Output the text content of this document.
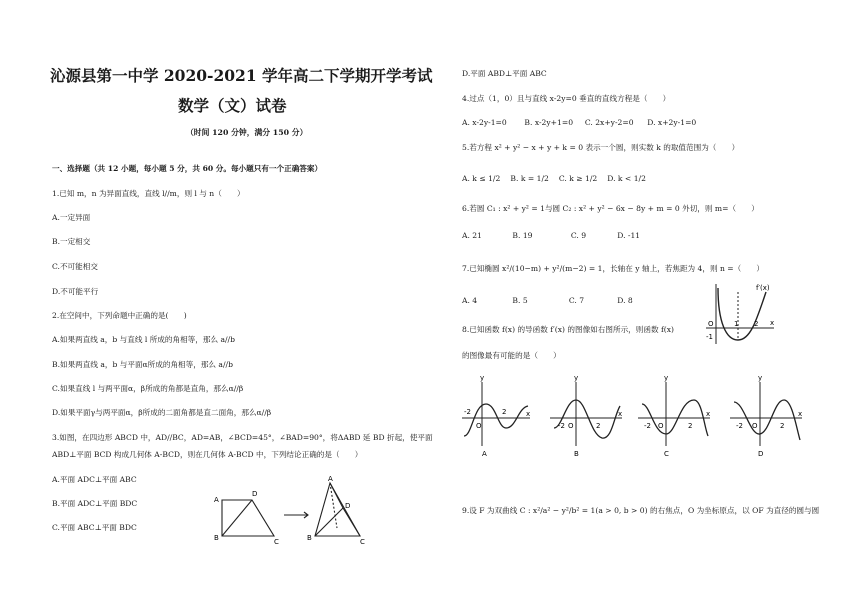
沁源县第一中学 2020-2021 学年高二下学期开学考试
数学（文）试卷
（时间 120 分钟，满分 150 分）
一、选择题（共 12 小题，每小题 5 分，共 60 分。每小题只有一个正确答案）
1.已知 m，n 为异面直线，直线 l//m，则 l 与 n（　　）
A.一定异面
B.一定相交
C.不可能相交
D.不可能平行
2.在空间中，下列命题中正确的是(　　)
A.如果两直线 a，b 与直线 l 所成的角相等，那么 a//b
B.如果两直线 a，b 与平面α所成的角相等，那么 a//b
C.如果直线 l 与两平面α，β所成的角都是直角，那么α//β
D.如果平面γ与两平面α，β所成的二面角都是直二面角，那么α//β
3.如图，在四边形 ABCD 中，AD//BC，AD=AB，∠BCD=45°，∠BAD=90°，将ΔABD 延 BD 折起，使平面
ABD⊥平面 BCD 构成几何体 A-BCD，则在几何体 A-BCD 中，下列结论正确的是（　　）
A.平面 ADC⊥平面 ABC
B.平面 ADC⊥平面 BDC
C.平面 ABC⊥平面 BDC
A
D
B	C
A
D
B	C
D.平面 ABD⊥平面 ABC
4.过点（1，0）且与直线 x-2y=0 垂直的直线方程是（　　）
A. x-2y-1=0 B. x-2y+1=0 C. 2x+y-2=0 D. x+2y-1=0
5.若方程 x² + y² − x + y + k = 0 表示一个圆，则实数 k 的取值范围为（　　）
A. k ≤ 1/2 B. k = 1/2 C. k ≥ 1/2 D. k < 1/2
6.若圆 C₁ : x² + y² = 1与圆 C₂ : x² + y² − 6x − 8y + m = 0 外切，则 m=（　　）
A. 21	B. 19	C. 9	D. -11
7.已知椭圆 x²/(10−m) + y²/(m−2) = 1，长轴在 y 轴上，若焦距为 4，则 n =（　　）
A. 4	B. 5	C. 7	D. 8
8.已知函数 f(x) 的导函数 f′(x) 的图像如右图所示，则函数 f(x)
的图像最有可能的是（　　）
f′(x)
x
O	1 2
-1
y
-2
O
2	x
A
y
-2 O	2
x
B
y
-2 O	2
x
C
y
-2 O	2
x
D
9.设 F 为双曲线 C : x²/a² − y²/b² = 1(a > 0, b > 0) 的右焦点，O 为坐标原点，以 OF 为直径的圆与圆
